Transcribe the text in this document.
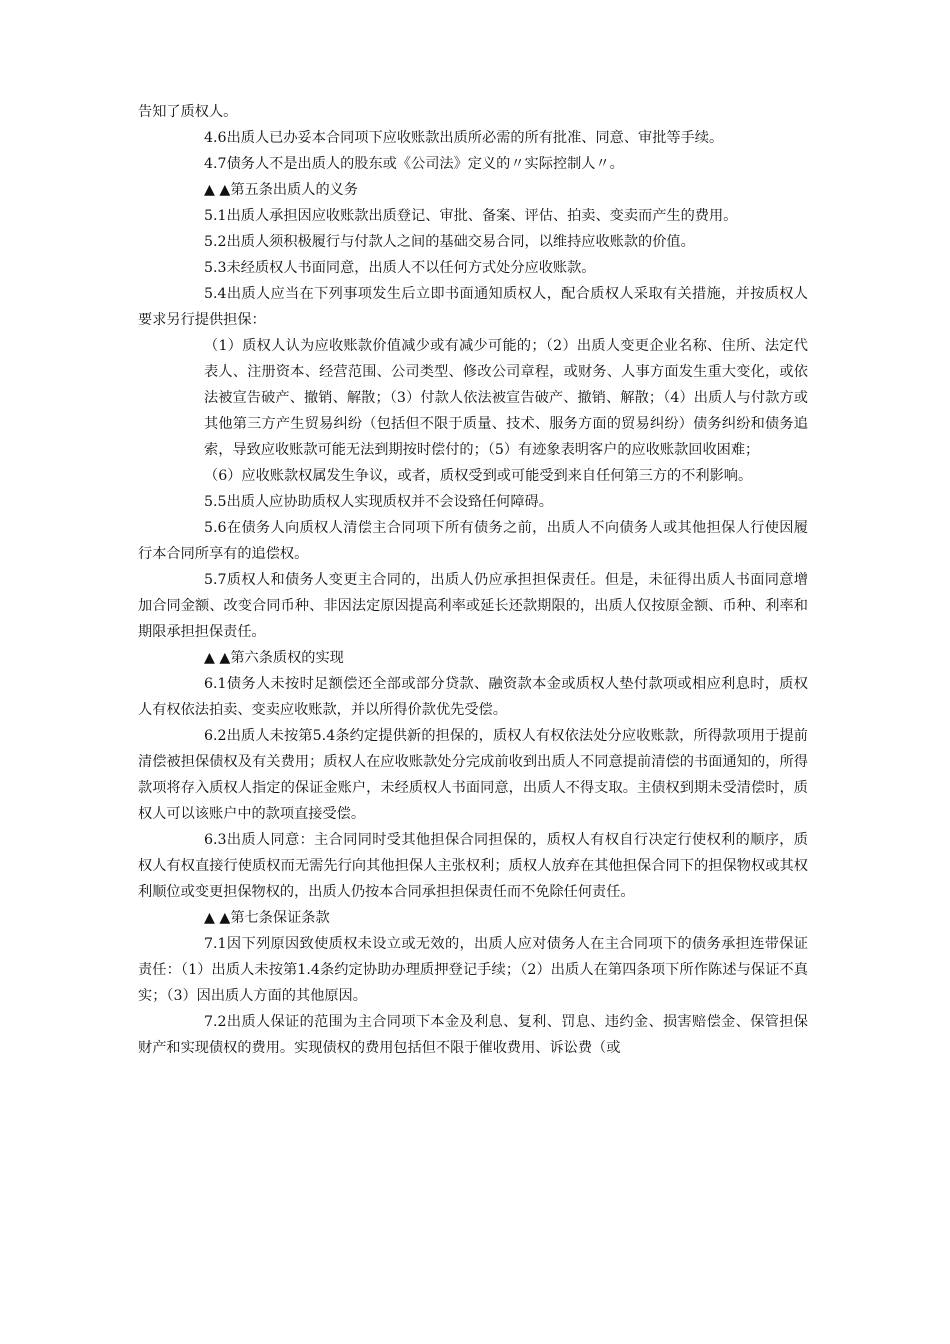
告知了质权人。

4.6出质人已办妥本合同项下应收账款出质所必需的所有批准、同意、审批等手续。

4.7债务人不是出质人的股东或《公司法》定义的〃实际控制人〃。

▲ ▲第五条出质人的义务

5.1出质人承担因应收账款出质登记、审批、备案、评估、拍卖、变卖而产生的费用。

5.2出质人须积极履行与付款人之间的基础交易合同，以维持应收账款的价值。

5.3未经质权人书面同意，出质人不以任何方式处分应收账款。

5.4出质人应当在下列事项发生后立即书面通知质权人，配合质权人采取有关措施，并按质权人要求另行提供担保：

（1）质权人认为应收账款价值减少或有减少可能的；（2）出质人变更企业名称、住所、法定代表人、注册资本、经营范围、公司类型、修改公司章程，或财务、人事方面发生重大变化，或依法被宣告破产、撤销、解散；（3）付款人依法被宣告破产、撤销、解散；（4）出质人与付款方或其他第三方产生贸易纠纷（包括但不限于质量、技术、服务方面的贸易纠纷）债务纠纷和债务追索，导致应收账款可能无法到期按时偿付的；（5）有迹象表明客户的应收账款回收困难；

（6）应收账款权属发生争议，或者，质权受到或可能受到来自任何第三方的不利影响。

5.5出质人应协助质权人实现质权并不会设臵任何障碍。

5.6在债务人向质权人清偿主合同项下所有债务之前，出质人不向债务人或其他担保人行使因履行本合同所享有的追偿权。

5.7质权人和债务人变更主合同的，出质人仍应承担担保责任。但是，未征得出质人书面同意增加合同金额、改变合同币种、非因法定原因提高利率或延长还款期限的，出质人仅按原金额、币种、利率和期限承担担保责任。

▲ ▲第六条质权的实现

6.1债务人未按时足额偿还全部或部分贷款、融资款本金或质权人垫付款项或相应利息时，质权人有权依法拍卖、变卖应收账款，并以所得价款优先受偿。

6.2出质人未按第5.4条约定提供新的担保的，质权人有权依法处分应收账款，所得款项用于提前清偿被担保债权及有关费用；质权人在应收账款处分完成前收到出质人不同意提前清偿的书面通知的，所得款项将存入质权人指定的保证金账户，未经质权人书面同意，出质人不得支取。主债权到期未受清偿时，质权人可以该账户中的款项直接受偿。

6.3出质人同意：主合同同时受其他担保合同担保的，质权人有权自行决定行使权利的顺序，质权人有权直接行使质权而无需先行向其他担保人主张权利；质权人放弃在其他担保合同下的担保物权或其权利顺位或变更担保物权的，出质人仍按本合同承担担保责任而不免除任何责任。

▲ ▲第七条保证条款

7.1因下列原因致使质权未设立或无效的，出质人应对债务人在主合同项下的债务承担连带保证责任：（1）出质人未按第1.4条约定协助办理质押登记手续；（2）出质人在第四条项下所作陈述与保证不真实；（3）因出质人方面的其他原因。

7.2出质人保证的范围为主合同项下本金及利息、复利、罚息、违约金、损害赔偿金、保管担保财产和实现债权的费用。实现债权的费用包括但不限于催收费用、诉讼费（或
